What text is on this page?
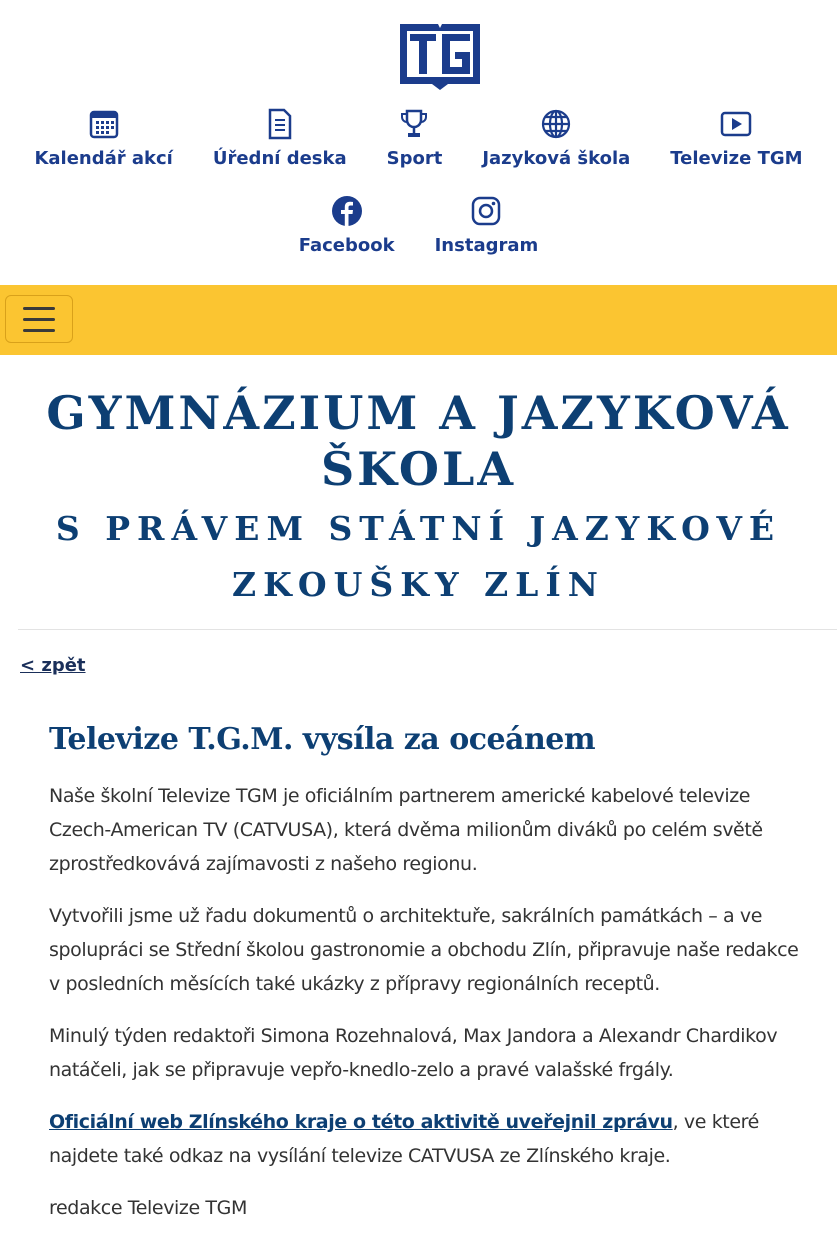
TG
Kalendář akcí Úřední deska Sport Jazyková škola Televize TGM
Facebook Instagram
GYMNÁZIUM A JAZYKOVÁ ŠKOLA
S PRÁVEM STÁTNÍ JAZYKOVÉ ZKOUŠKY ZLÍN
< zpět
Televize T.G.M. vysíla za oceánem

Naše školní Televize TGM je oficiálním partnerem americké kabelové televize Czech-American TV (CATVUSA), která dvěma milionům diváků po celém světě zprostředkovává zajímavosti z našeho regionu.

Vytvořili jsme už řadu dokumentů o architektuře, sakrálních památkách – a ve spolupráci se Střední školou gastronomie a obchodu Zlín, připravuje naše redakce v posledních měsících také ukázky z přípravy regionálních receptů.

Minulý týden redaktoři Simona Rozehnalová, Max Jandora a Alexandr Chardikov natáčeli, jak se připravuje vepřo-knedlo-zelo a pravé valašské frgály.

Oficiální web Zlínského kraje o této aktivitě uveřejnil zprávu, ve které najdete také odkaz na vysílání televize CATVUSA ze Zlínského kraje.

redakce Televize TGM
